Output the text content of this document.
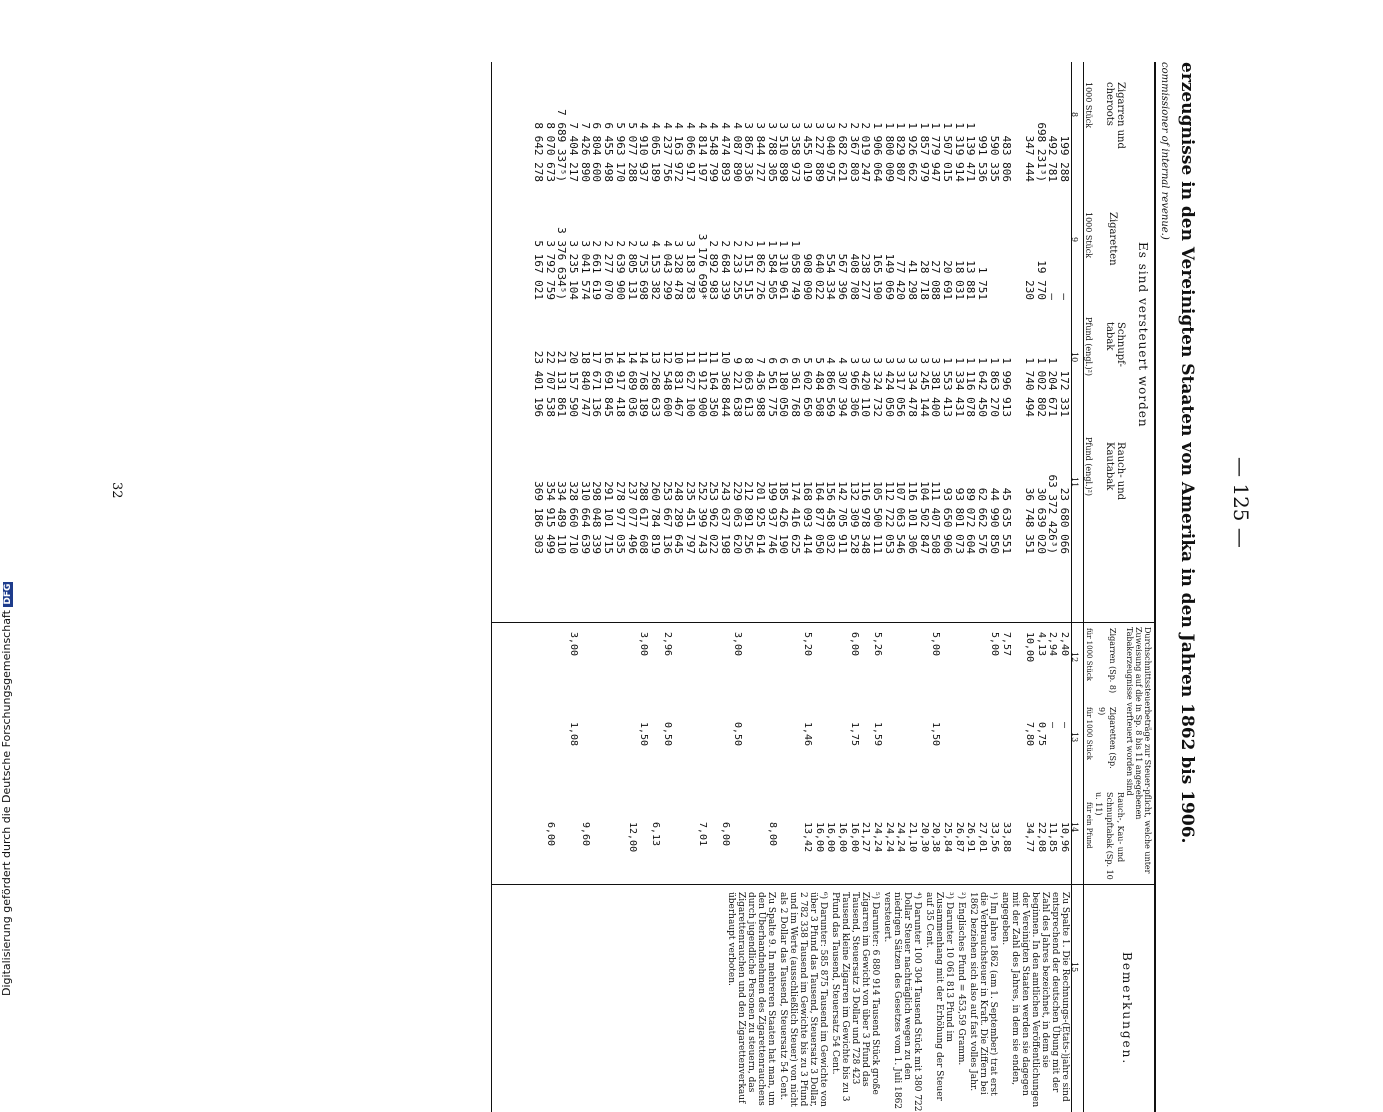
— 125 —
erzeugnisse in den Vereinigten Staaten von Amerika in den Jahren 1862 bis 1906.
commissioner of internal revenue.)
Es sind versteuert worden
Durchschnittssteuerbeträge zur Steuer-pflicht, welche unter Zuweisung auf die in Sp. 8 bis 11 angegebenen Tabakerzeugnisse verfteuert worden sind
Bemerkungen.
Zigarren und cheroots
1000 Stück
Zigaretten
1000 Stück
Schnupf-tabak
Pfund (engl.)²)
Rauch- und Kautabak
Pfund (engl.)²)
Zigarren (Sp. 8)
für 1000 Stück
Zigaretten (Sp. 9)
für 1000 Stück
Rauch-, Kau- und Schnupftabak (Sp. 10 u. 11)
für ein Pfund
8
9
10
11
12
13
14
15
199 288
492 781
698 231³)
347 444
483 806
590 335
991 536
1 139 471
1 319 914
1 507 015
1 779 947
1 857 979
1 926 662
1 829 807
1 800 009
1 906 064
2 019 247
2 367 803
2 682 621
3 040 975
3 227 889
3 455 019
3 358 973
3 510 898
3 788 305
3 844 727
3 867 336
4 087 890
4 474 893
4 548 799
4 814 197
4 066 917
4 163 972
4 237 756
4 065 189
4 910 937
5 077 288
5 963 170
6 455 498
6 804 600
7 426 890
7 404 217
7 689 337⁵)
8 070 673
8 642 278
—
—
19 770
230
1 751
13 881
18 031
20 691
27 088
28 718
41 298
77 420
149 069
165 190
238 277
408 708
567 396
554 334
640 022
908 090
1 058 749
1 310 961
1 584 505
1 862 726
2 151 515
2 233 255
2 684 339
2 892 983
3 176 699*
3 183 783
3 328 478
4 043 299
4 153 382
3 753 698
2 805 131
2 639 900
2 277 070
2 661 619
3 041 574
3 235 104
3 376 634⁵)
3 792 759
5 167 021
172 331
1 204 671
1 002 802
1 740 494
1 996 913
1 863 270
1 642 450
1 116 078
1 334 431
1 553 413
3 381 400
3 245 144
3 334 478
3 317 056
3 424 050
3 324 732
3 420 110
3 966 306
4 307 394
4 866 569
5 484 508
5 602 650
6 361 768
6 180 050
6 561 775
7 436 988
8 063 613
9 221 638
10 368 844
11 164 350
11 912 900
11 627 100
10 831 467
12 548 600
13 268 633
14 768 189
14 689 036
14 917 418
16 691 845
17 671 136
18 840 747
20 157 590
21 131 861
22 707 538
23 401 196
23 680 066
63 372 426³)
30 639 020
36 748 351
45 635 551
44 990 850
62 662 576
89 072 604
93 801 073
93 650 906
111 407 508
104 502 847
116 101 306
107 063 546
112 722 053
105 500 111
116 978 348
132 309 528
142 705 911
156 458 032
164 877 050
168 093 414
174 416 625
185 426 190
199 937 746
201 925 614
212 891 256
229 063 620
243 637 198
253 962 022
252 399 743
235 451 797
248 289 645
253 667 136
260 784 819
288 617 608
237 077 496
278 977 035
291 101 715
298 048 339
310 664 639
328 660 710
334 489 110
354 915 499
369 186 303
2,40
2,94
4,13
10,00
7,57
5,00
5,00
5,26
6,00
5,20
3,00
2,96
3,00
3,00
—
—
0,75
7,80
1,50
1,59
1,75
1,46
0,50
0,50
1,50
1,08
10,96
11,85
22,08
34,77
33,88
33,56
27,01
26,91
26,87
25,84
20,38
20,30
21,10
24,24
24,24
24,24
21,27
16,00
16,00
16,00
16,00
13,42
8,00
6,00
7,01
6,13
12,00
9,60
6,00

Zu Spalte 1. Die Rechnungs-(Etats-)jahre sind entsprechend der deutschen Übung mit der Zahl des Jahres bezeichnet, in dem sie beginnen. In den amtlichen Veröffentlichungen der Vereinigten Staaten werden sie dagegen mit der Zahl des Jahres, in dem sie enden, angegeben.

¹) Im Jahre 1862 (am 1. September) trat erst die Verbrauchsteuer in Kraft. Die Ziffern bei 1862 beziehen sich also auf fast volles Jahr.

²) Englisches Pfund = 453,59 Gramm.

³) Darunter 10 061 813 Pfund im Zusammenhang mit der Erhöhung der Steuer auf 35 Cent.

⁴) Darunter 100 304 Tausend Stück mit 380 722 Dollar Steuer nachträglich wegen zu den niedrigen Sätzen des Gesetzes vom 1. Juli 1862 versteuert.

⁵) Darunter: 6 880 914 Tausend Stück große Zigarren im Gewicht von über 3 Pfund das Tausend, Steuersatz 3 Dollar und 728 423 Tausend kleine Zigarren im Gewichte bis zu 3 Pfund das Tausend, Steuersatz 54 Cent.

⁶) Darunter: 585 875 Tausend im Gewichte von über 3 Pfund das Tausend, Steuersatz 3 Dollar, 2 782 338 Tausend im Gewichte bis zu 3 Pfund und im Werte (ausschließlich Steuer) von nicht als 2 Dollar das Tausend, Steuersatz 54 Cent.

Zu Spalte 9. In mehreren Staaten hat man, um den Überhandnehmen des Zigarettenrauchens durch jugendliche Personen zu steuern, das Zigarettenrauchen und den Zigarettenverkauf überhaupt verboten.

32
Digitalisierung gefördert durch die Deutsche Forschungsgemeinschaft DFG
